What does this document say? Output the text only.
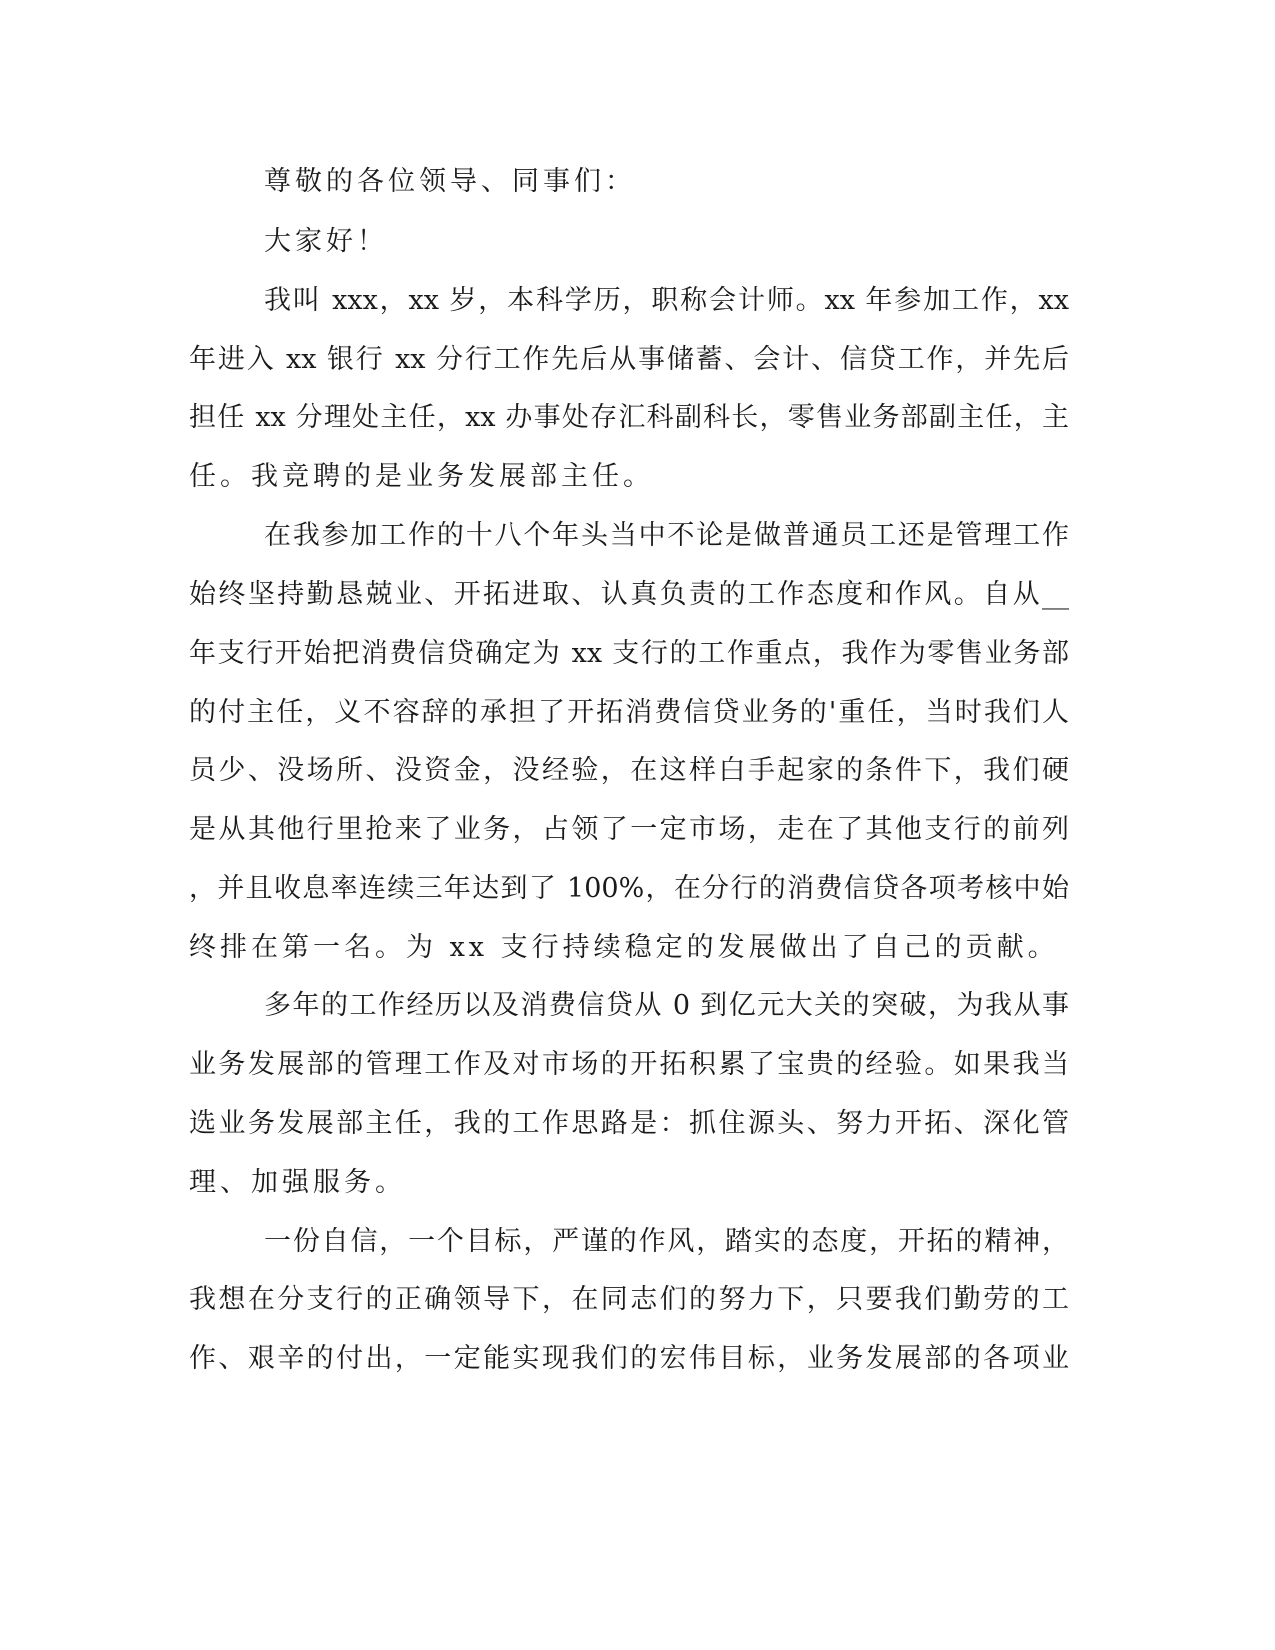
尊敬的各位领导、同事们：
大家好！
我叫 xxx，xx 岁，本科学历，职称会计师。xx 年参加工作，xx
年进入 xx 银行 xx 分行工作先后从事储蓄、会计、信贷工作，并先后
担任 xx 分理处主任，xx 办事处存汇科副科长，零售业务部副主任，主
任。我竞聘的是业务发展部主任。
在我参加工作的十八个年头当中不论是做普通员工还是管理工作
始终坚持勤恳兢业、开拓进取、认真负责的工作态度和作风。自从__
年支行开始把消费信贷确定为 xx 支行的工作重点，我作为零售业务部
的付主任，义不容辞的承担了开拓消费信贷业务的'重任，当时我们人
员少、没场所、没资金，没经验，在这样白手起家的条件下，我们硬
是从其他行里抢来了业务，占领了一定市场，走在了其他支行的前列
，并且收息率连续三年达到了 100%，在分行的消费信贷各项考核中始
终排在第一名。为 xx 支行持续稳定的发展做出了自己的贡献。
多年的工作经历以及消费信贷从 0 到亿元大关的突破，为我从事
业务发展部的管理工作及对市场的开拓积累了宝贵的经验。如果我当
选业务发展部主任，我的工作思路是：抓住源头、努力开拓、深化管
理、加强服务。
一份自信，一个目标，严谨的作风，踏实的态度，开拓的精神，
我想在分支行的正确领导下，在同志们的努力下，只要我们勤劳的工
作、艰辛的付出，一定能实现我们的宏伟目标，业务发展部的各项业
